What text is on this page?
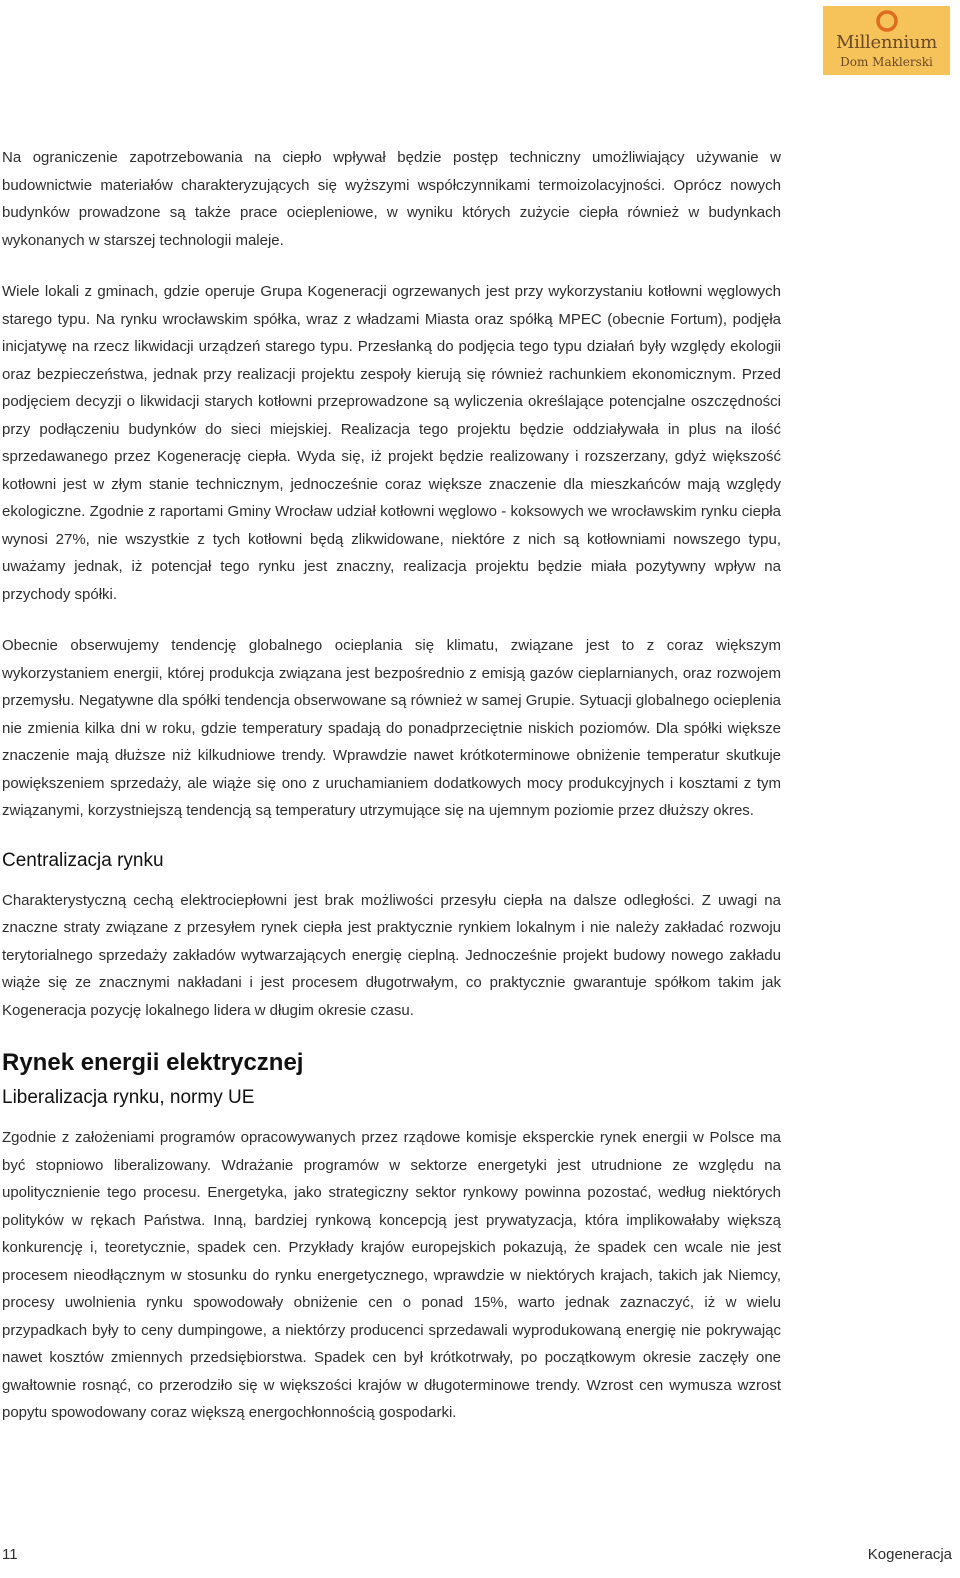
Millennium
Dom Maklerski

Na ograniczenie zapotrzebowania na ciepło wpływał będzie postęp techniczny umożliwiający używanie w budownictwie materiałów charakteryzujących się wyższymi współczynnikami termoizolacyjności. Oprócz nowych budynków prowadzone są także prace ociepleniowe, w wyniku których zużycie ciepła również w budynkach wykonanych w starszej technologii maleje.

Wiele lokali z gminach, gdzie operuje Grupa Kogeneracji ogrzewanych jest przy wykorzystaniu kotłowni węglowych starego typu. Na rynku wrocławskim spółka, wraz z władzami Miasta oraz spółką MPEC (obecnie Fortum), podjęła inicjatywę na rzecz likwidacji urządzeń starego typu. Przesłanką do podjęcia tego typu działań były względy ekologii oraz bezpieczeństwa, jednak przy realizacji projektu zespoły kierują się również rachunkiem ekonomicznym. Przed podjęciem decyzji o likwidacji starych kotłowni przeprowadzone są wyliczenia określające potencjalne oszczędności przy podłączeniu budynków do sieci miejskiej. Realizacja tego projektu będzie oddziaływała in plus na ilość sprzedawanego przez Kogenerację ciepła. Wyda się, iż projekt będzie realizowany i rozszerzany, gdyż większość kotłowni jest w złym stanie technicznym, jednocześnie coraz większe znaczenie dla mieszkańców mają względy ekologiczne. Zgodnie z raportami Gminy Wrocław udział kotłowni węglowo - koksowych we wrocławskim rynku ciepła wynosi 27%, nie wszystkie z tych kotłowni będą zlikwidowane, niektóre z nich są kotłowniami nowszego typu, uważamy jednak, iż potencjał tego rynku jest znaczny, realizacja projektu będzie miała pozytywny wpływ na przychody spółki.

Obecnie obserwujemy tendencję globalnego ocieplania się klimatu, związane jest to z coraz większym wykorzystaniem energii, której produkcja związana jest bezpośrednio z emisją gazów cieplarnianych, oraz rozwojem przemysłu. Negatywne dla spółki tendencja obserwowane są również w samej Grupie. Sytuacji globalnego ocieplenia nie zmienia kilka dni w roku, gdzie temperatury spadają do ponadprzeciętnie niskich poziomów. Dla spółki większe znaczenie mają dłuższe niż kilkudniowe trendy. Wprawdzie nawet krótkoterminowe obniżenie temperatur skutkuje powiększeniem sprzedaży, ale wiąże się ono z uruchamianiem dodatkowych mocy produkcyjnych i kosztami z tym związanymi, korzystniejszą tendencją są temperatury utrzymujące się na ujemnym poziomie przez dłuższy okres.

Centralizacja rynku

Charakterystyczną cechą elektrociepłowni jest brak możliwości przesyłu ciepła na dalsze odległości. Z uwagi na znaczne straty związane z przesyłem rynek ciepła jest praktycznie rynkiem lokalnym i nie należy zakładać rozwoju terytorialnego sprzedaży zakładów wytwarzających energię cieplną. Jednocześnie projekt budowy nowego zakładu wiąże się ze znacznymi nakładani i jest procesem długotrwałym, co praktycznie gwarantuje spółkom takim jak Kogeneracja pozycję lokalnego lidera w długim okresie czasu.

Rynek energii elektrycznej
Liberalizacja rynku, normy UE

Zgodnie z założeniami programów opracowywanych przez rządowe komisje eksperckie rynek energii w Polsce ma być stopniowo liberalizowany. Wdrażanie programów w sektorze energetyki jest utrudnione ze względu na upolitycznienie tego procesu. Energetyka, jako strategiczny sektor rynkowy powinna pozostać, według niektórych polityków w rękach Państwa. Inną, bardziej rynkową koncepcją jest prywatyzacja, która implikowałaby większą konkurencję i, teoretycznie, spadek cen. Przykłady krajów europejskich pokazują, że spadek cen wcale nie jest procesem nieodłącznym w stosunku do rynku energetycznego, wprawdzie w niektórych krajach, takich jak Niemcy, procesy uwolnienia rynku spowodowały obniżenie cen o ponad 15%, warto jednak zaznaczyć, iż w wielu przypadkach były to ceny dumpingowe, a niektórzy producenci sprzedawali wyprodukowaną energię nie pokrywając nawet kosztów zmiennych przedsiębiorstwa. Spadek cen był krótkotrwały, po początkowym okresie zaczęły one gwałtownie rosnąć, co przerodziło się w większości krajów w długoterminowe trendy. Wzrost cen wymusza wzrost popytu spowodowany coraz większą energochłonnością gospodarki.

11	Kogeneracja
